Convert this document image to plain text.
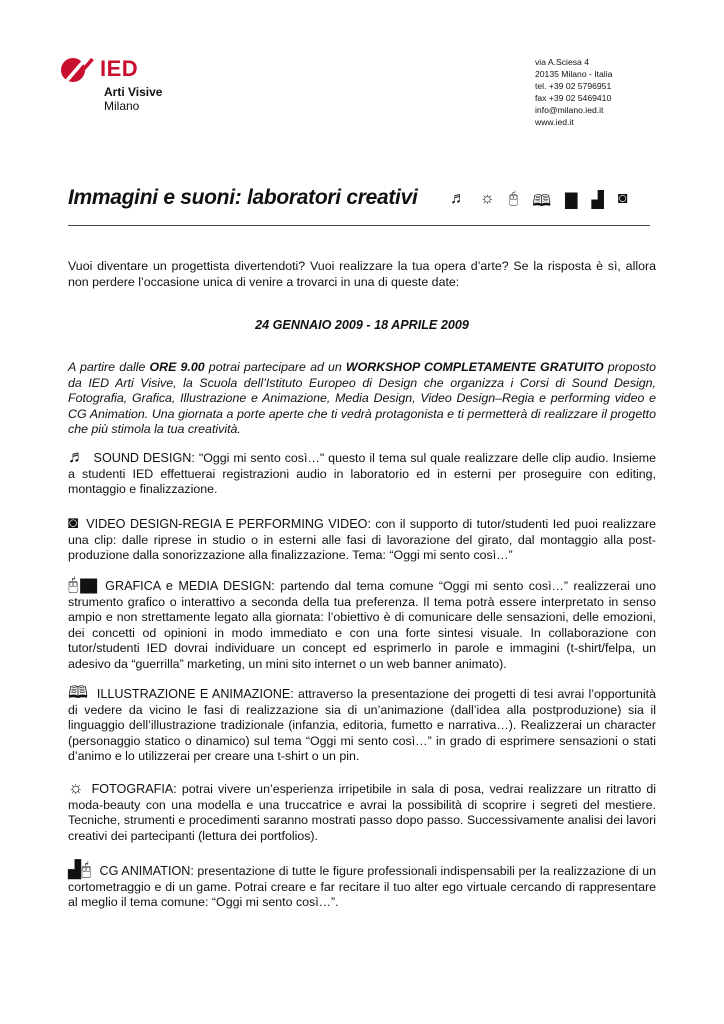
IED
Arti Visive
Milano
via A.Sciesa 4
20135 Milano - Italia
tel. +39 02 5796951
fax +39 02 5469410
info@milano.ied.it
www.ied.it
Immagini e suoni: laboratori creativi ♬ ☼ 🖰 🕮 ▇ ▟ ◙
Vuoi diventare un progettista divertendoti? Vuoi realizzare la tua opera d’arte? Se la risposta è sì, allora non perdere l’occasione unica di venire a trovarci in una di queste date:
24 GENNAIO 2009 - 18 APRILE 2009
A partire dalle ORE 9.00 potrai partecipare ad un WORKSHOP COMPLETAMENTE GRATUITO proposto da IED Arti Visive, la Scuola dell’Istituto Europeo di Design che organizza i Corsi di Sound Design, Fotografia, Grafica, Illustrazione e Animazione, Media Design, Video Design–Regia e performing video e CG Animation. Una giornata a porte aperte che ti vedrà protagonista e ti permetterà di realizzare il progetto che più stimola la tua creatività.
♬ SOUND DESIGN: "Oggi mi sento così…" questo il tema sul quale realizzare delle clip audio. Insieme a studenti IED effettuerai registrazioni audio in laboratorio ed in esterni per proseguire con editing, montaggio e finalizzazione.
◙ VIDEO DESIGN-REGIA E PERFORMING VIDEO: con il supporto di tutor/studenti Ied puoi realizzare una clip: dalle riprese in studio o in esterni alle fasi di lavorazione del girato, dal montaggio alla post-produzione dalla sonorizzazione alla finalizzazione. Tema: “Oggi mi sento così…”
🖰▇ GRAFICA e MEDIA DESIGN: partendo dal tema comune “Oggi mi sento così…” realizzerai uno strumento grafico o interattivo a seconda della tua preferenza. Il tema potrà essere interpretato in senso ampio e non strettamente legato alla giornata: l’obiettivo è di comunicare delle sensazioni, delle emozioni, dei concetti od opinioni in modo immediato e con una forte sintesi visuale. In collaborazione con tutor/studenti IED dovrai individuare un concept ed esprimerlo in parole e immagini (t-shirt/felpa, un adesivo da “guerrilla” marketing, un mini sito internet o un web banner animato).
🕮 ILLUSTRAZIONE E ANIMAZIONE: attraverso la presentazione dei progetti di tesi avrai l’opportunità di vedere da vicino le fasi di realizzazione sia di un’animazione (dall’idea alla postproduzione) sia il linguaggio dell’illustrazione tradizionale (infanzia, editoria, fumetto e narrativa…). Realizzerai un character (personaggio statico o dinamico) sul tema “Oggi mi sento così…” in grado di esprimere sensazioni o stati d’animo e lo utilizzerai per creare una t-shirt o un pin.
☼ FOTOGRAFIA: potrai vivere un’esperienza irripetibile in sala di posa, vedrai realizzare un ritratto di moda-beauty con una modella e una truccatrice e avrai la possibilità di scoprire i segreti del mestiere. Tecniche, strumenti e procedimenti saranno mostrati passo dopo passo. Successivamente analisi dei lavori creativi dei partecipanti (lettura dei portfolios).
▟🖰 CG ANIMATION: presentazione di tutte le figure professionali indispensabili per la realizzazione di un cortometraggio e di un game. Potrai creare e far recitare il tuo alter ego virtuale cercando di rappresentare al meglio il tema comune: “Oggi mi sento così…”.
